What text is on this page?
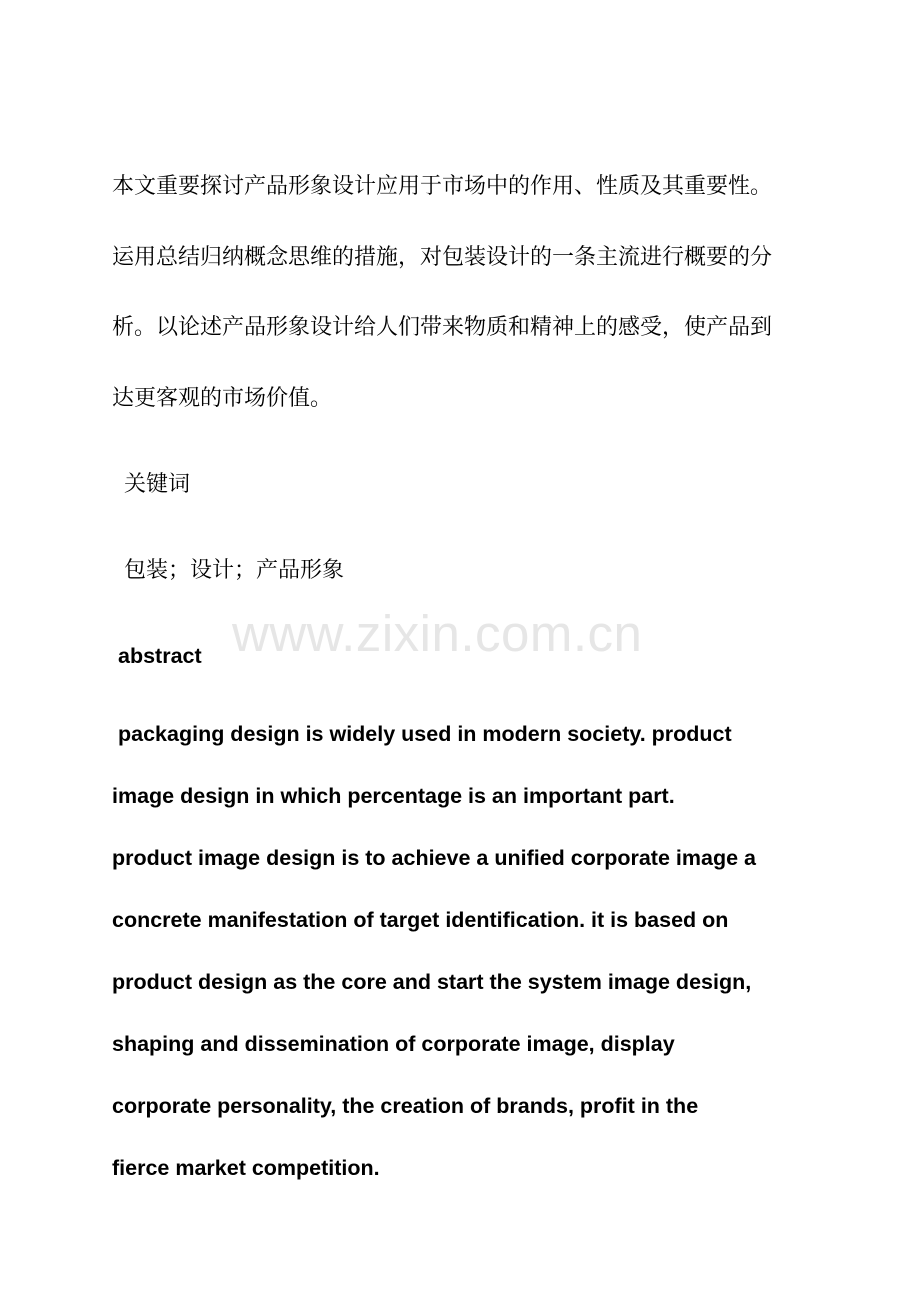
本文重要探讨产品形象设计应用于市场中的作用、性质及其重要性。
运用总结归纳概念思维的措施，对包装设计的一条主流进行概要的分
析。以论述产品形象设计给人们带来物质和精神上的感受，使产品到
达更客观的市场价值。
关键词
包装；设计；产品形象
www.zixin.com.cn
abstract
packaging design is widely used in modern society. product
image design in which percentage is an important part.
product image design is to achieve a unified corporate image a
concrete manifestation of target identification. it is based on
product design as the core and start the system image design,
shaping and dissemination of corporate image, display
corporate personality, the creation of brands, profit in the
fierce market competition.
